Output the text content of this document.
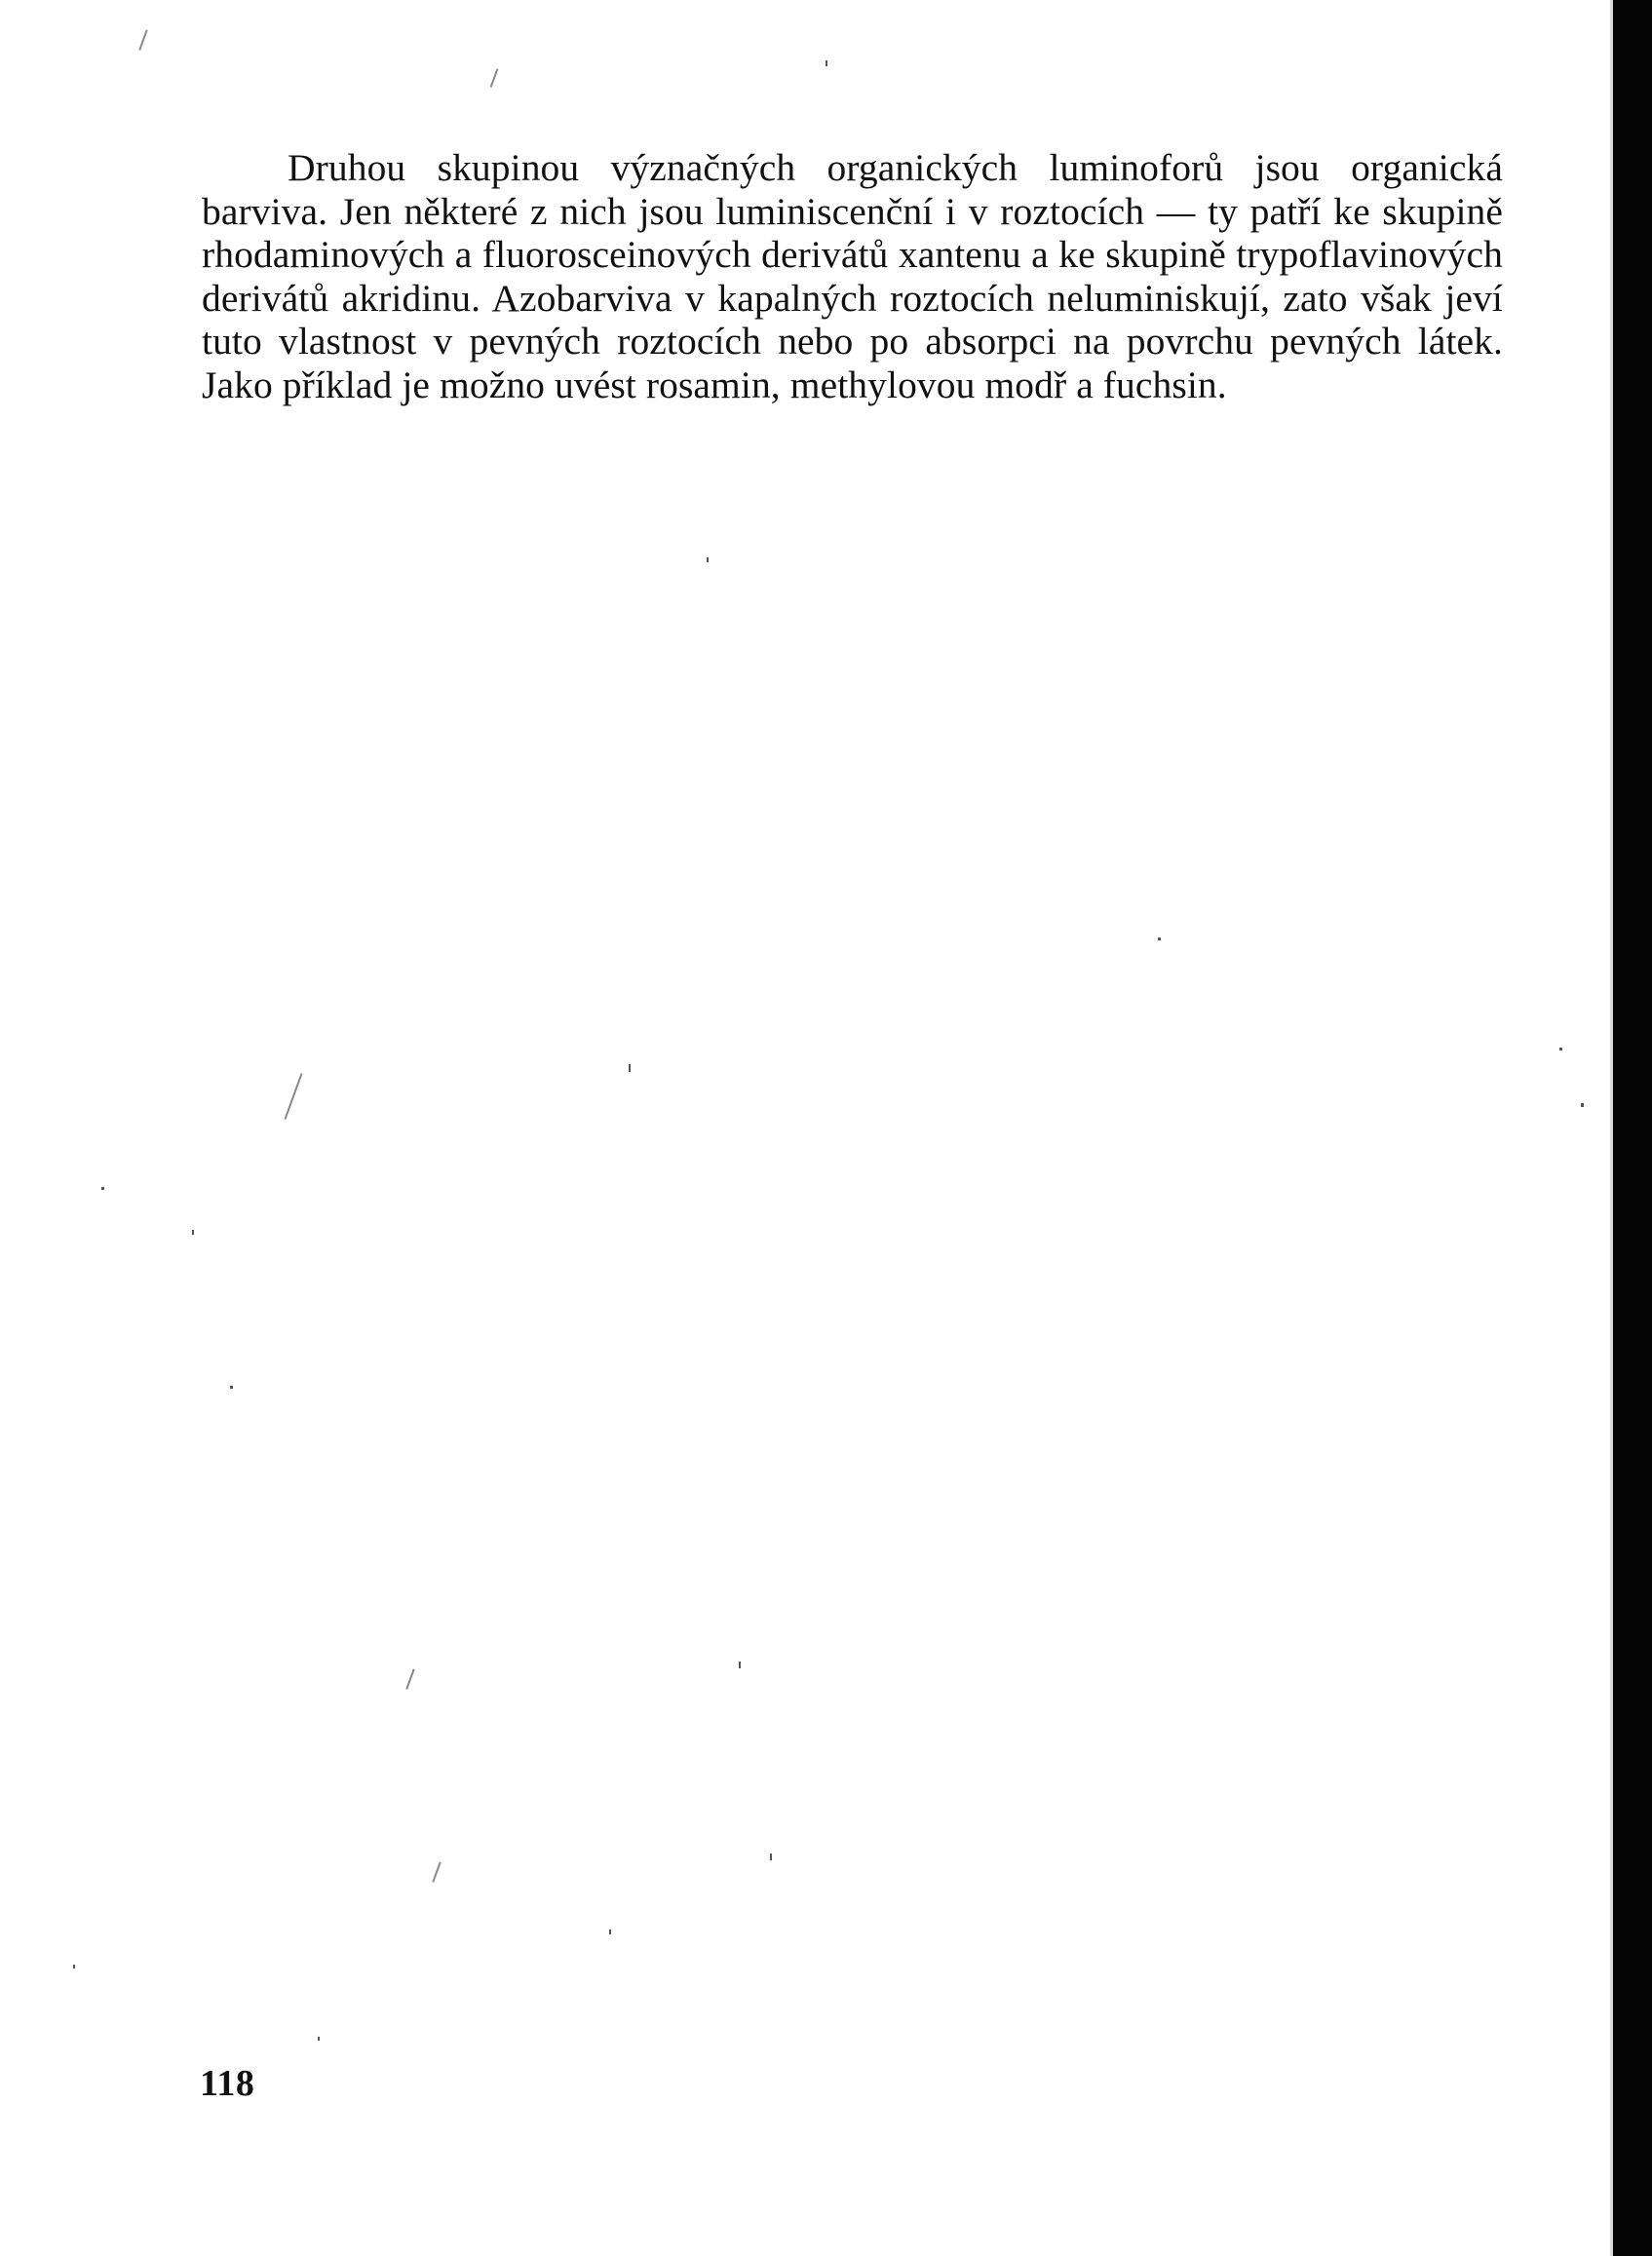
Druhou skupinou význačných organických luminoforů jsou organická barviva. Jen některé z nich jsou luminiscenční i v roztocích — ty patří ke skupině rhodaminových a fluorosceinových derivátů xantenu a ke skupině trypoflavinových derivátů akridinu. Azobarviva v kapalných roztocích neluminiskují, zato však jeví tuto vlastnost v pevných roztocích nebo po absorpci na povrchu pevných látek. Jako příklad je možno uvést rosamin, methylovou modř a fuchsin.

118
